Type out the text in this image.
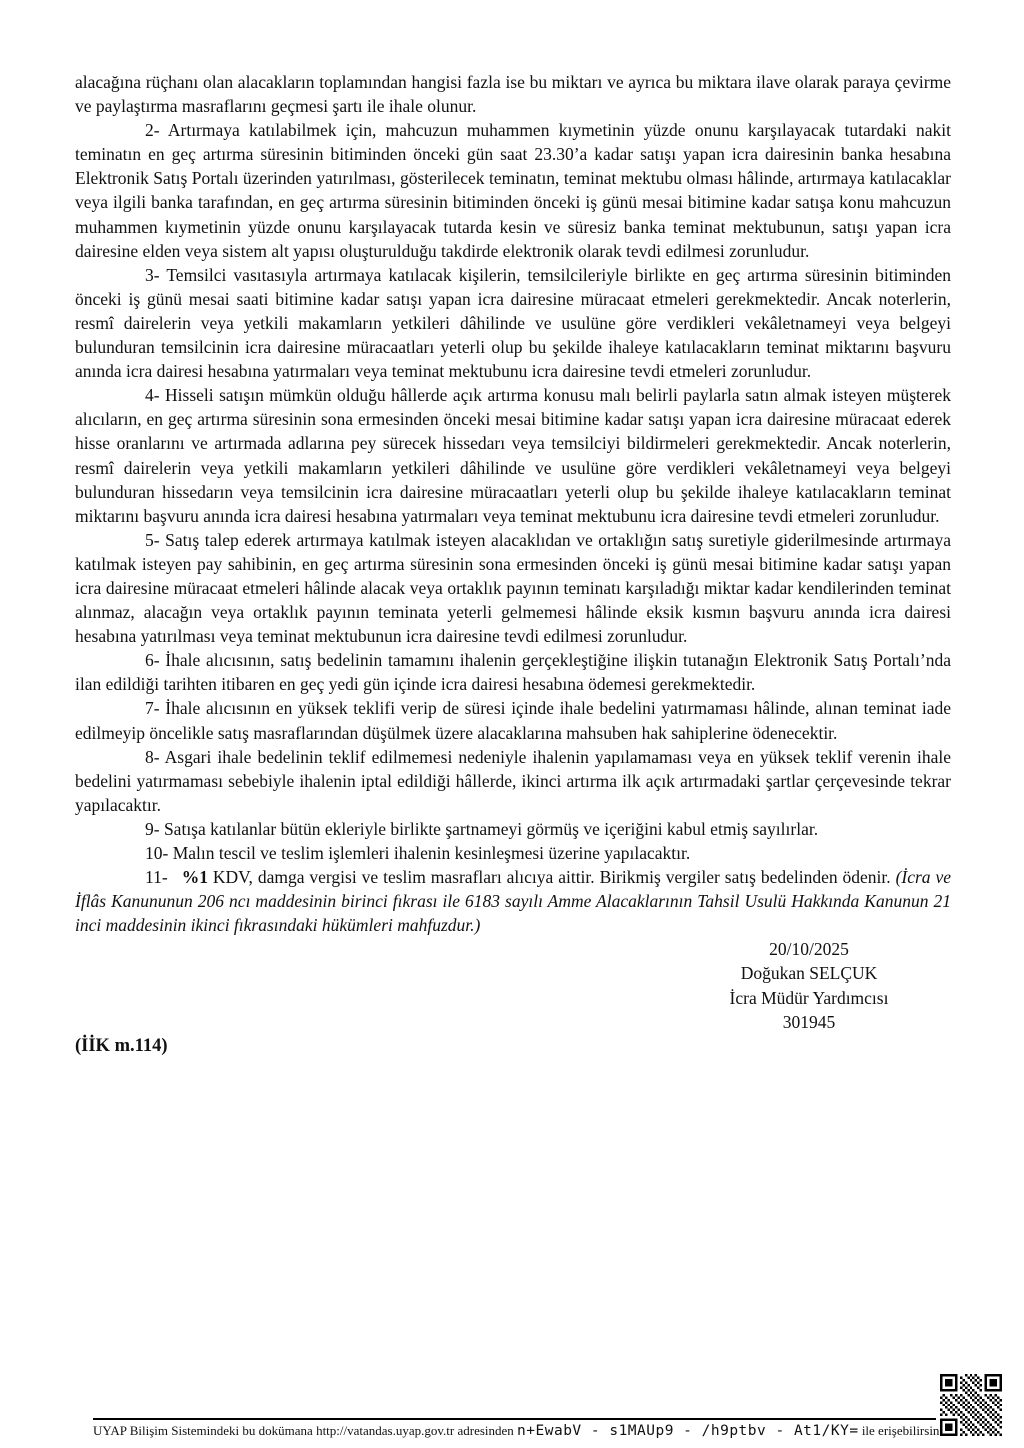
alacağına rüçhanı olan alacakların toplamından hangisi fazla ise bu miktarı ve ayrıca bu miktara ilave olarak paraya çevirme ve paylaştırma masraflarını geçmesi şartı ile ihale olunur.

2- Artırmaya katılabilmek için, mahcuzun muhammen kıymetinin yüzde onunu karşılayacak tutardaki nakit teminatın en geç artırma süresinin bitiminden önceki gün saat 23.30’a kadar satışı yapan icra dairesinin banka hesabına Elektronik Satış Portalı üzerinden yatırılması, gösterilecek teminatın, teminat mektubu olması hâlinde, artırmaya katılacaklar veya ilgili banka tarafından, en geç artırma süresinin bitiminden önceki iş günü mesai bitimine kadar satışa konu mahcuzun muhammen kıymetinin yüzde onunu karşılayacak tutarda kesin ve süresiz banka teminat mektubunun, satışı yapan icra dairesine elden veya sistem alt yapısı oluşturulduğu takdirde elektronik olarak tevdi edilmesi zorunludur.

3- Temsilci vasıtasıyla artırmaya katılacak kişilerin, temsilcileriyle birlikte en geç artırma süresinin bitiminden önceki iş günü mesai saati bitimine kadar satışı yapan icra dairesine müracaat etmeleri gerekmektedir. Ancak noterlerin, resmî dairelerin veya yetkili makamların yetkileri dâhilinde ve usulüne göre verdikleri vekâletnameyi veya belgeyi bulunduran temsilcinin icra dairesine müracaatları yeterli olup bu şekilde ihaleye katılacakların teminat miktarını başvuru anında icra dairesi hesabına yatırmaları veya teminat mektubunu icra dairesine tevdi etmeleri zorunludur.

4- Hisseli satışın mümkün olduğu hâllerde açık artırma konusu malı belirli paylarla satın almak isteyen müşterek alıcıların, en geç artırma süresinin sona ermesinden önceki mesai bitimine kadar satışı yapan icra dairesine müracaat ederek hisse oranlarını ve artırmada adlarına pey sürecek hissedarı veya temsilciyi bildirmeleri gerekmektedir. Ancak noterlerin, resmî dairelerin veya yetkili makamların yetkileri dâhilinde ve usulüne göre verdikleri vekâletnameyi veya belgeyi bulunduran hissedarın veya temsilcinin icra dairesine müracaatları yeterli olup bu şekilde ihaleye katılacakların teminat miktarını başvuru anında icra dairesi hesabına yatırmaları veya teminat mektubunu icra dairesine tevdi etmeleri zorunludur.

5- Satış talep ederek artırmaya katılmak isteyen alacaklıdan ve ortaklığın satış suretiyle giderilmesinde artırmaya katılmak isteyen pay sahibinin, en geç artırma süresinin sona ermesinden önceki iş günü mesai bitimine kadar satışı yapan icra dairesine müracaat etmeleri hâlinde alacak veya ortaklık payının teminatı karşıladığı miktar kadar kendilerinden teminat alınmaz, alacağın veya ortaklık payının teminata yeterli gelmemesi hâlinde eksik kısmın başvuru anında icra dairesi hesabına yatırılması veya teminat mektubunun icra dairesine tevdi edilmesi zorunludur.

6- İhale alıcısının, satış bedelinin tamamını ihalenin gerçekleştiğine ilişkin tutanağın Elektronik Satış Portalı’nda ilan edildiği tarihten itibaren en geç yedi gün içinde icra dairesi hesabına ödemesi gerekmektedir.

7- İhale alıcısının en yüksek teklifi verip de süresi içinde ihale bedelini yatırmaması hâlinde, alınan teminat iade edilmeyip öncelikle satış masraflarından düşülmek üzere alacaklarına mahsuben hak sahiplerine ödenecektir.

8- Asgari ihale bedelinin teklif edilmemesi nedeniyle ihalenin yapılamaması veya en yüksek teklif verenin ihale bedelini yatırmaması sebebiyle ihalenin iptal edildiği hâllerde, ikinci artırma ilk açık artırmadaki şartlar çerçevesinde tekrar yapılacaktır.

9- Satışa katılanlar bütün ekleriyle birlikte şartnameyi görmüş ve içeriğini kabul etmiş sayılırlar.

10- Malın tescil ve teslim işlemleri ihalenin kesinleşmesi üzerine yapılacaktır.

11- %1 KDV, damga vergisi ve teslim masrafları alıcıya aittir. Birikmiş vergiler satış bedelinden ödenir. (İcra ve İflâs Kanununun 206 ncı maddesinin birinci fıkrası ile 6183 sayılı Amme Alacaklarının Tahsil Usulü Hakkında Kanunun 21 inci maddesinin ikinci fıkrasındaki hükümleri mahfuzdur.)

20/10/2025
Doğukan SELÇUK
İcra Müdür Yardımcısı
301945

(İİK m.114)

UYAP Bilişim Sistemindeki bu dokümana http://vatandas.uyap.gov.tr adresinden n+EwabV - s1MAUp9 - /h9ptbv - At1/KY= ile erişebilirsin
